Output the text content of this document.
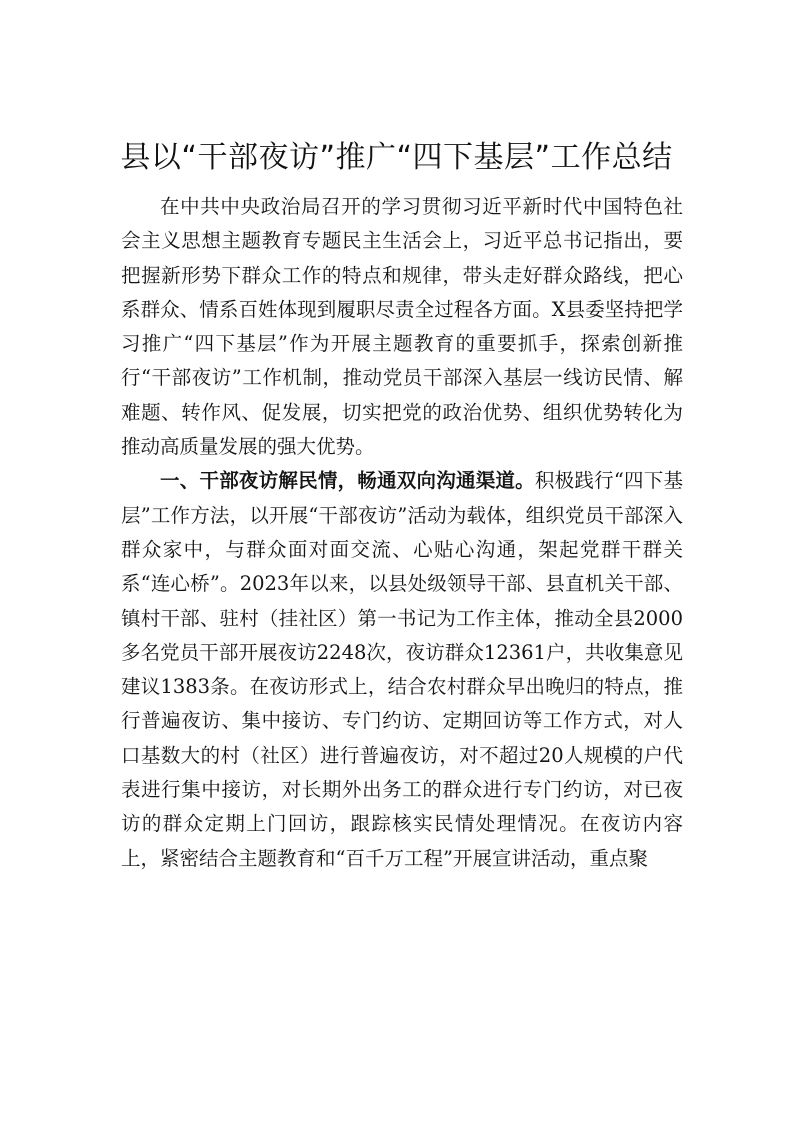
县以“干部夜访”推广“四下基层”工作总结

在中共中央政治局召开的学习贯彻习近平新时代中国特色社会主义思想主题教育专题民主生活会上，习近平总书记指出，要把握新形势下群众工作的特点和规律，带头走好群众路线，把心系群众、情系百姓体现到履职尽责全过程各方面。X县委坚持把学习推广“四下基层”作为开展主题教育的重要抓手，探索创新推行“干部夜访”工作机制，推动党员干部深入基层一线访民情、解难题、转作风、促发展，切实把党的政治优势、组织优势转化为推动高质量发展的强大优势。

一、干部夜访解民情，畅通双向沟通渠道。积极践行“四下基层”工作方法，以开展“干部夜访”活动为载体，组织党员干部深入群众家中，与群众面对面交流、心贴心沟通，架起党群干群关系“连心桥”。2023年以来，以县处级领导干部、县直机关干部、镇村干部、驻村（挂社区）第一书记为工作主体，推动全县2000多名党员干部开展夜访2248次，夜访群众12361户，共收集意见建议1383条。在夜访形式上，结合农村群众早出晚归的特点，推行普遍夜访、集中接访、专门约访、定期回访等工作方式，对人口基数大的村（社区）进行普遍夜访，对不超过20人规模的户代表进行集中接访，对长期外出务工的群众进行专门约访，对已夜访的群众定期上门回访，跟踪核实民情处理情况。在夜访内容上，紧密结合主题教育和“百千万工程”开展宣讲活动，重点聚
